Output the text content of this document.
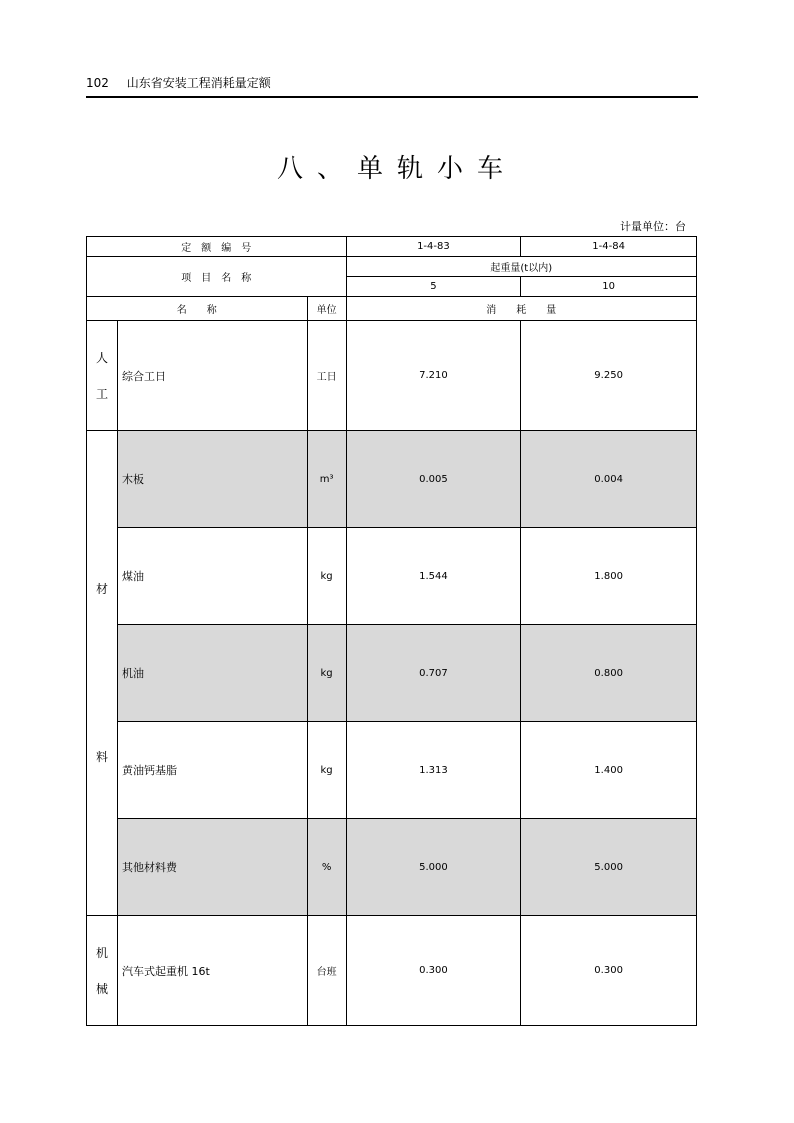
102 山东省安装工程消耗量定额
八、单轨小车
计量单位：台
定　额　编　号			1-4-83	1-4-84
项　目　名　称			起重量(t以内)	
			5	10
名　　称		单位	消　　耗　　量	
人

工	综合工日	工日	7.210	9.250
材
料	木板	m³	0.005	0.004
	煤油	kg	1.544	1.800
	机油	kg	0.707	0.800
	黄油钙基脂	kg	1.313	1.400
	其他材料费	%	5.000	5.000
机

械	汽车式起重机 16t	台班	0.300	0.300
